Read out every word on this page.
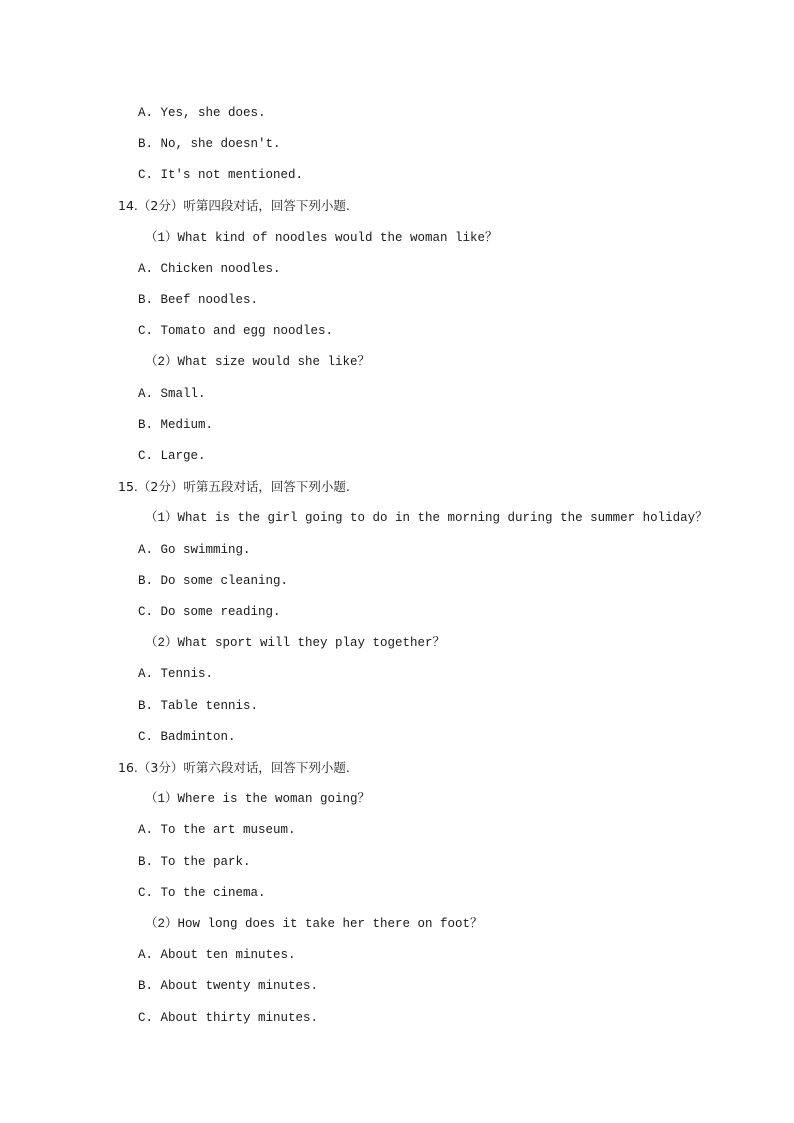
A. Yes, she does.
B. No, she doesn't.
C. It's not mentioned.
14.（2分）听第四段对话，回答下列小题.
（1）What kind of noodles would the woman like？
A. Chicken noodles.
B. Beef noodles.
C. Tomato and egg noodles.
（2）What size would she like？
A. Small.
B. Medium.
C. Large.
15.（2分）听第五段对话，回答下列小题.
（1）What is the girl going to do in the morning during the summer holiday？
A. Go swimming.
B. Do some cleaning.
C. Do some reading.
（2）What sport will they play together？
A. Tennis.
B. Table tennis.
C. Badminton.
16.（3分）听第六段对话，回答下列小题.
（1）Where is the woman going？
A. To the art museum.
B. To the park.
C. To the cinema.
（2）How long does it take her there on foot？
A. About ten minutes.
B. About twenty minutes.
C. About thirty minutes.
